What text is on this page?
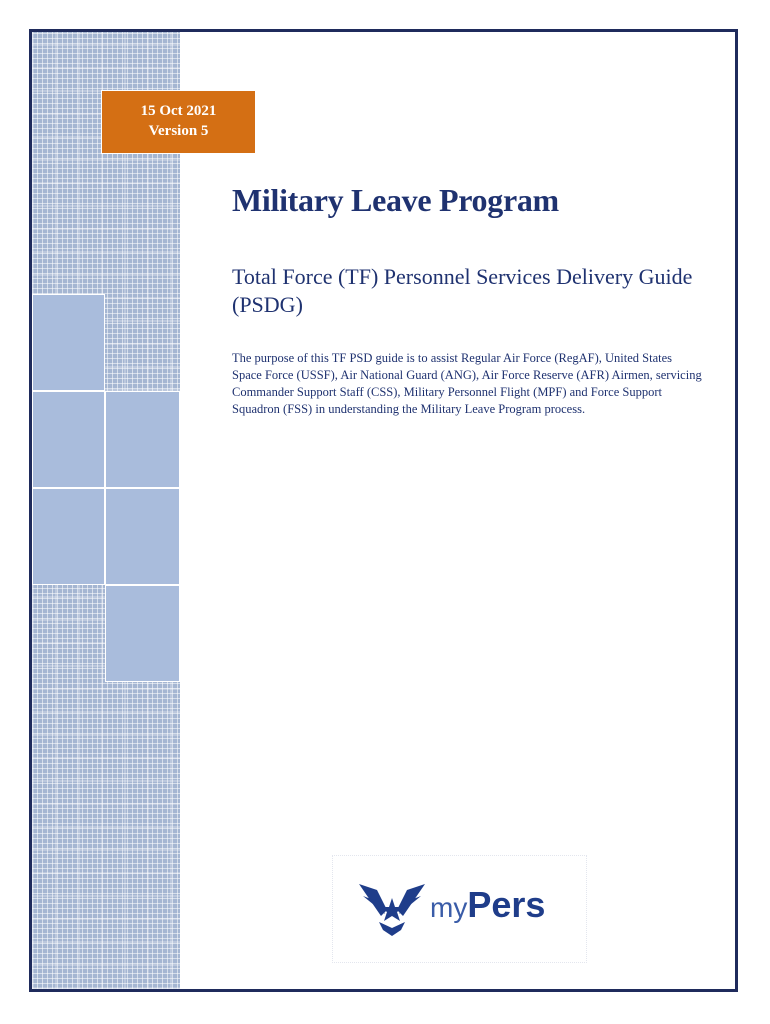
15 Oct 2021
Version 5
Military Leave Program
Total Force (TF) Personnel Services Delivery Guide (PSDG)

The purpose of this TF PSD guide is to assist Regular Air Force (RegAF), United States Space Force (USSF), Air National Guard (ANG), Air Force Reserve (AFR) Airmen, servicing Commander Support Staff (CSS), Military Personnel Flight (MPF) and Force Support Squadron (FSS) in understanding the Military Leave Program process.

myPers
